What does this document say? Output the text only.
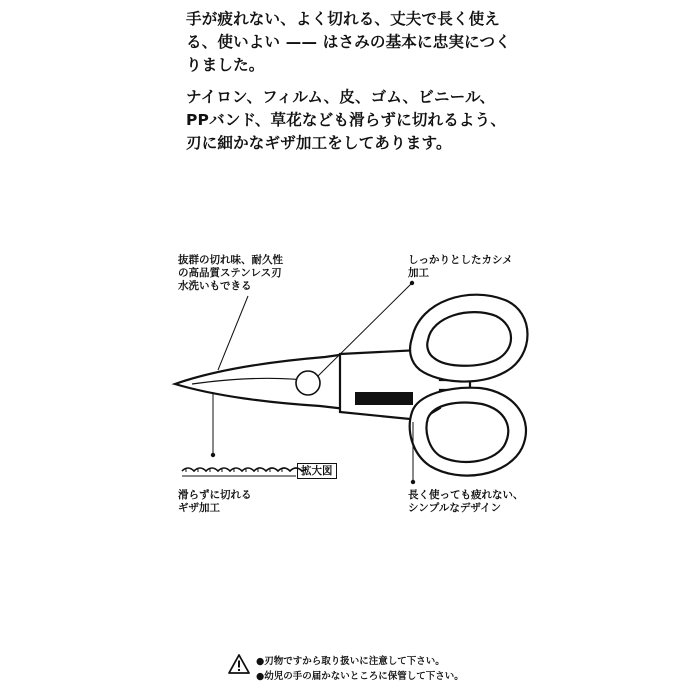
手が疲れない、よく切れる、丈夫で長く使える、使いよい —— はさみの基本に忠実につくりました。

ナイロン、フィルム、皮、ゴム、ビニール、PPバンド、草花なども滑らずに切れるよう、刃に細かなギザ加工をしてあります。

抜群の切れ味、耐久性
の高品質ステンレス刃
水洗いもできる
しっかりとしたカシメ
加工
滑らずに切れる
ギザ加工
長く使っても疲れない、
シンプルなデザイン
拡大図
●刃物ですから取り扱いに注意して下さい。
●幼児の手の届かないところに保管して下さい。
